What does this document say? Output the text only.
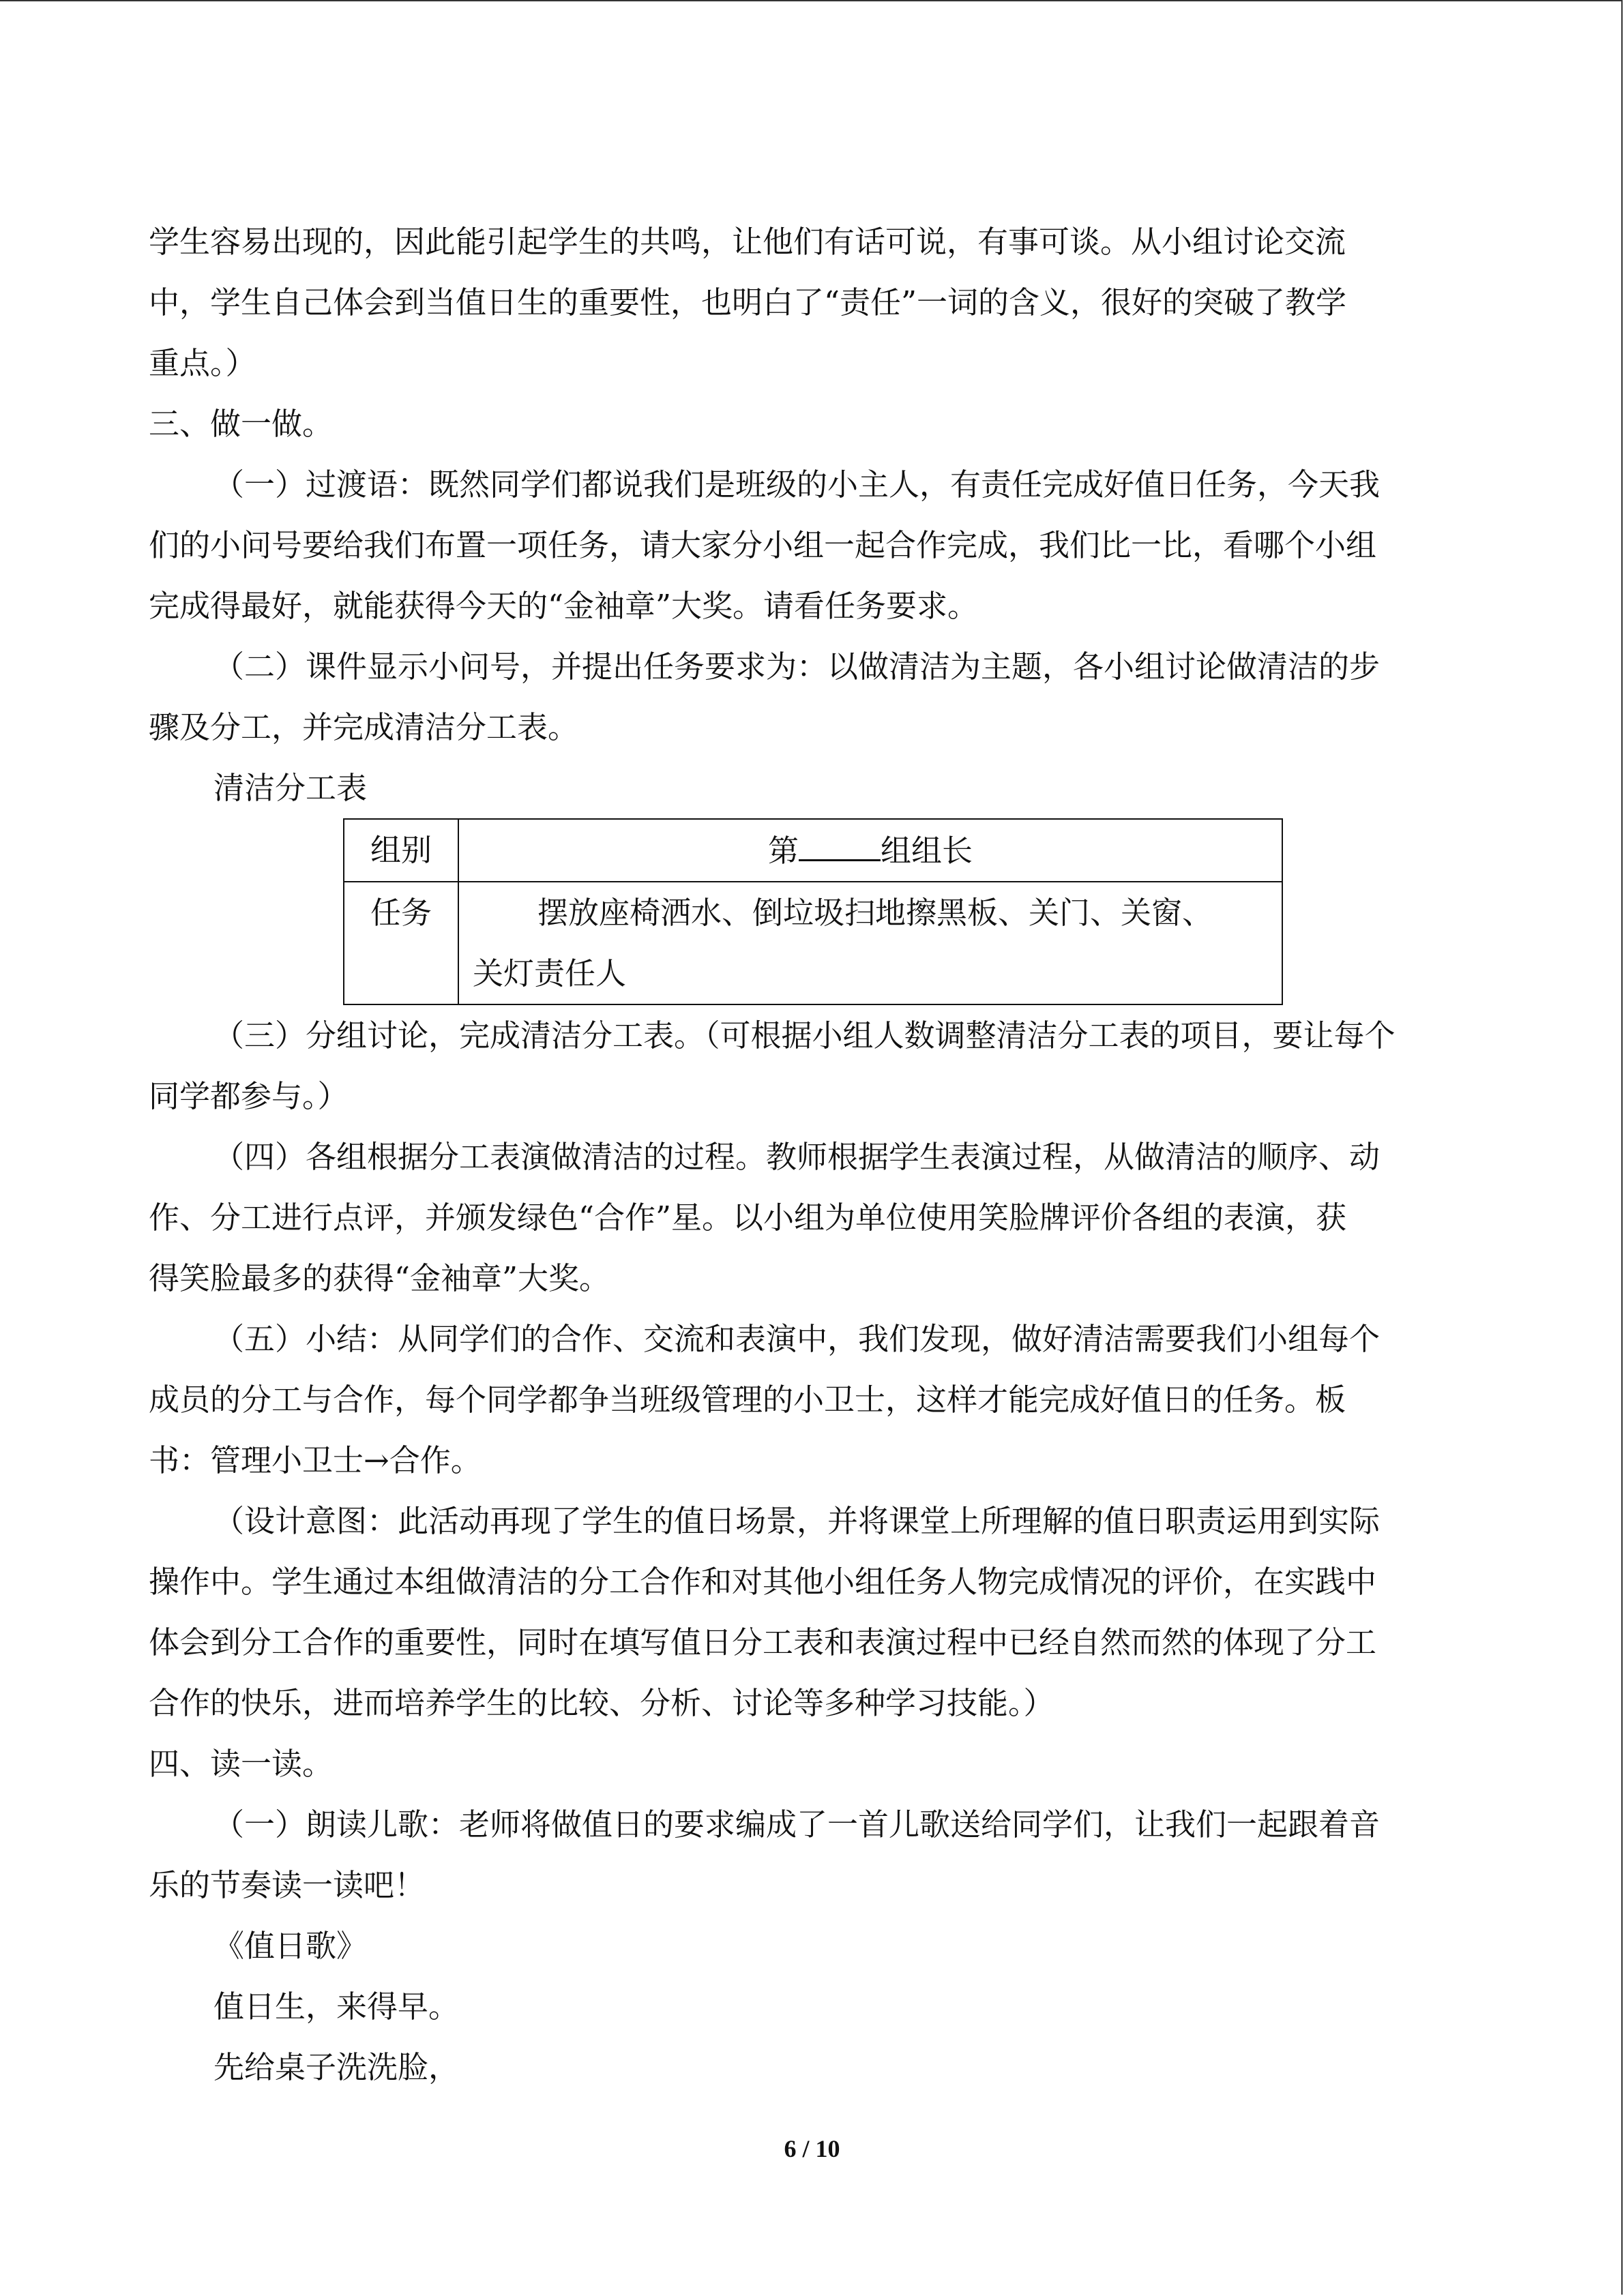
学生容易出现的，因此能引起学生的共鸣，让他们有话可说，有事可谈。从小组讨论交流

中，学生自己体会到当值日生的重要性，也明白了“责任”一词的含义，很好的突破了教学

重点。）

三、做一做。

（一）过渡语：既然同学们都说我们是班级的小主人，有责任完成好值日任务，今天我

们的小问号要给我们布置一项任务，请大家分小组一起合作完成，我们比一比，看哪个小组

完成得最好，就能获得今天的“金袖章”大奖。请看任务要求。

（二）课件显示小问号，并提出任务要求为：以做清洁为主题，各小组讨论做清洁的步

骤及分工，并完成清洁分工表。

清洁分工表

组别	第 组组长
任务	摆放座椅洒水、倒垃圾扫地擦黑板、关门、关窗、
关灯责任人

（三）分组讨论，完成清洁分工表。（可根据小组人数调整清洁分工表的项目，要让每个

同学都参与。）

（四）各组根据分工表演做清洁的过程。教师根据学生表演过程，从做清洁的顺序、动

作、分工进行点评，并颁发绿色“合作”星。以小组为单位使用笑脸牌评价各组的表演，获

得笑脸最多的获得“金袖章”大奖。

（五）小结：从同学们的合作、交流和表演中，我们发现，做好清洁需要我们小组每个

成员的分工与合作，每个同学都争当班级管理的小卫士，这样才能完成好值日的任务。板

书：管理小卫士→合作。

（设计意图：此活动再现了学生的值日场景，并将课堂上所理解的值日职责运用到实际

操作中。学生通过本组做清洁的分工合作和对其他小组任务人物完成情况的评价，在实践中

体会到分工合作的重要性，同时在填写值日分工表和表演过程中已经自然而然的体现了分工

合作的快乐，进而培养学生的比较、分析、讨论等多种学习技能。）

四、读一读。

（一）朗读儿歌：老师将做值日的要求编成了一首儿歌送给同学们，让我们一起跟着音

乐的节奏读一读吧！

《值日歌》

值日生，来得早。

先给桌子洗洗脸，

6 / 10
